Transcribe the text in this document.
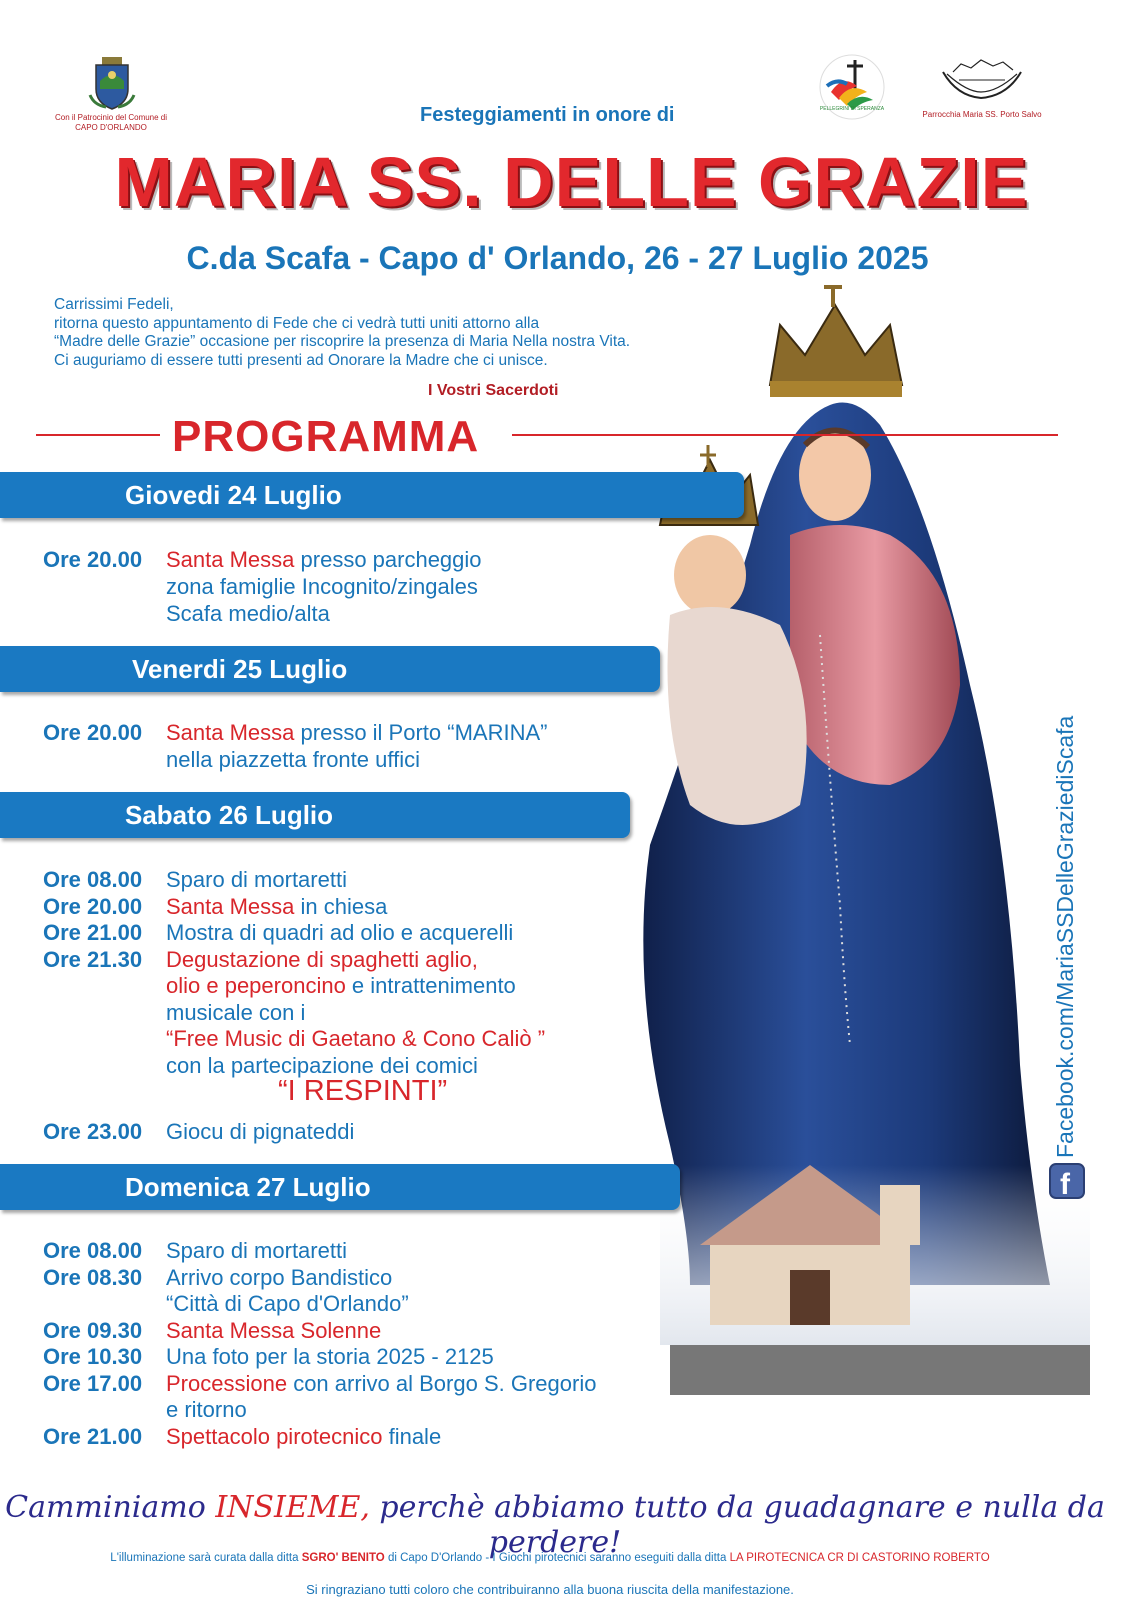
Con il Patrocinio del Comune di
CAPO D'ORLANDO
PELLEGRINI DI SPERANZA
Parrocchia Maria SS. Porto Salvo
Festeggiamenti in onore di
MARIA SS. DELLE GRAZIE
C.da Scafa - Capo d' Orlando, 26 - 27 Luglio 2025
Carrissimi Fedeli,
ritorna questo appuntamento di Fede che ci vedrà tutti uniti attorno alla
“Madre delle Grazie” occasione per riscoprire la presenza di Maria Nella nostra Vita.
Ci auguriamo di essere tutti presenti ad Onorare la Madre che ci unisce.
I Vostri Sacerdoti
PROGRAMMA
Giovedi 24 Luglio
Ore 20.00 Santa Messa presso parcheggio
zona famiglie Incognito/zingales
Scafa medio/alta
Venerdi 25 Luglio
Ore 20.00 Santa Messa presso il Porto “MARINA”
nella piazzetta fronte uffici
Sabato 26 Luglio
Ore 08.00 Sparo di mortaretti
Ore 20.00 Santa Messa in chiesa
Ore 21.00 Mostra di quadri ad olio e acquerelli
Ore 21.30 Degustazione di spaghetti aglio,
olio e peperoncino e intrattenimento
musicale con i
“Free Music di Gaetano & Cono Caliò ”
con la partecipazione dei comici
“I RESPINTI”
Ore 23.00 Giocu di pignateddi
Domenica 27 Luglio
Ore 08.00 Sparo di mortaretti
Ore 08.30 Arrivo corpo Bandistico
“Città di Capo d'Orlando”
Ore 09.30 Santa Messa Solenne
Ore 10.30 Una foto per la storia 2025 - 2125
Ore 17.00 Processione con arrivo al Borgo S. Gregorio
e ritorno
Ore 21.00 Spettacolo pirotecnico finale
f
Facebook.com/MariaSSDelleGraziediScafa
Camminiamo INSIEME, perchè abbiamo tutto da guadagnare e nulla da perdere!
L'illuminazione sarà curata dalla ditta SGRO' BENITO di Capo D'Orlando - I Giochi pirotecnici saranno eseguiti dalla ditta LA PIROTECNICA CR DI CASTORINO ROBERTO
Si ringraziano tutti coloro che contribuiranno alla buona riuscita della manifestazione.
